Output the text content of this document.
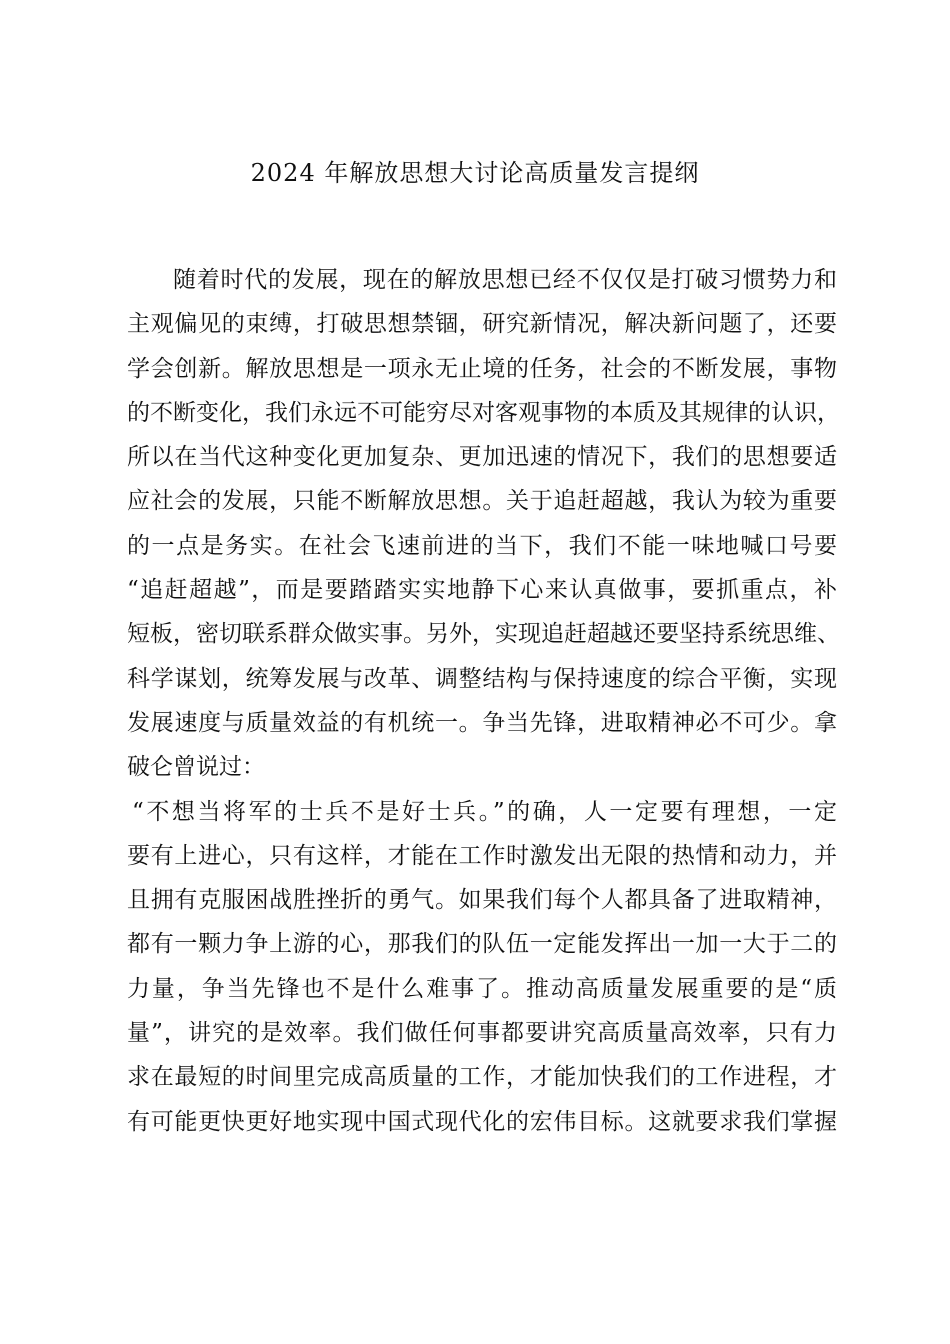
2024 年解放思想大讨论高质量发言提纲
随着时代的发展，现在的解放思想已经不仅仅是打破习惯势力和
主观偏见的束缚，打破思想禁锢，研究新情况，解决新问题了，还要
学会创新。解放思想是一项永无止境的任务，社会的不断发展，事物
的不断变化，我们永远不可能穷尽对客观事物的本质及其规律的认识，
所以在当代这种变化更加复杂、更加迅速的情况下，我们的思想要适
应社会的发展，只能不断解放思想。关于追赶超越，我认为较为重要
的一点是务实。在社会飞速前进的当下，我们不能一味地喊口号要
“追赶超越”，而是要踏踏实实地静下心来认真做事，要抓重点，补
短板，密切联系群众做实事。另外，实现追赶超越还要坚持系统思维、
科学谋划，统筹发展与改革、调整结构与保持速度的综合平衡，实现
发展速度与质量效益的有机统一。争当先锋，进取精神必不可少。拿
破仑曾说过：
“不想当将军的士兵不是好士兵。”的确，人一定要有理想，一定
要有上进心，只有这样，才能在工作时激发出无限的热情和动力，并
且拥有克服困战胜挫折的勇气。如果我们每个人都具备了进取精神，
都有一颗力争上游的心，那我们的队伍一定能发挥出一加一大于二的
力量，争当先锋也不是什么难事了。推动高质量发展重要的是“质
量”，讲究的是效率。我们做任何事都要讲究高质量高效率，只有力
求在最短的时间里完成高质量的工作，才能加快我们的工作进程，才
有可能更快更好地实现中国式现代化的宏伟目标。这就要求我们掌握
